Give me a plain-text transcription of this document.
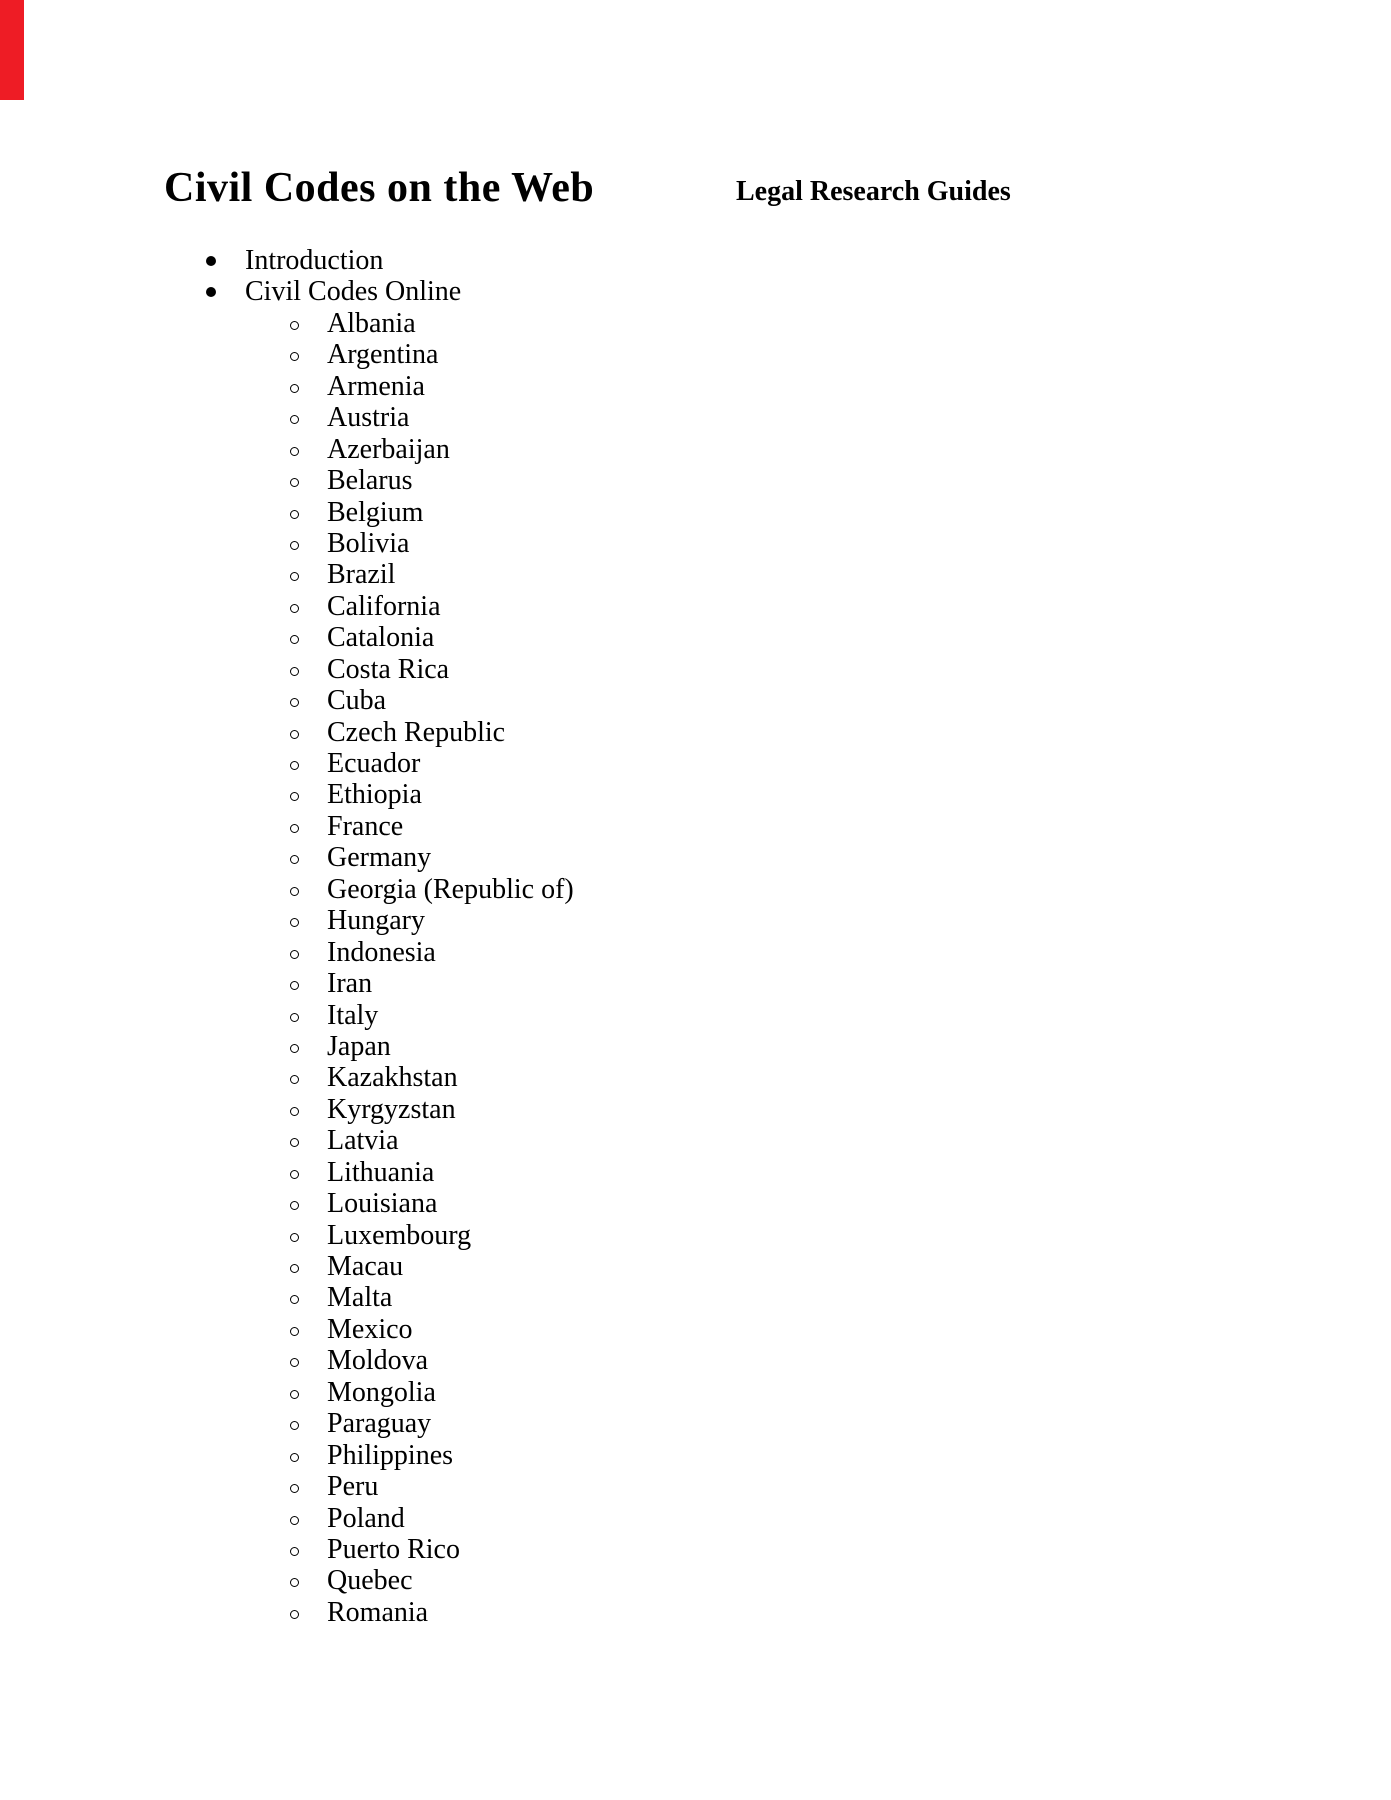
Civil Codes on the Web	Legal Research Guides
Introduction
Civil Codes Online
Albania
Argentina
Armenia
Austria
Azerbaijan
Belarus
Belgium
Bolivia
Brazil
California
Catalonia
Costa Rica
Cuba
Czech Republic
Ecuador
Ethiopia
France
Germany
Georgia (Republic of)
Hungary
Indonesia
Iran
Italy
Japan
Kazakhstan
Kyrgyzstan
Latvia
Lithuania
Louisiana
Luxembourg
Macau
Malta
Mexico
Moldova
Mongolia
Paraguay
Philippines
Peru
Poland
Puerto Rico
Quebec
Romania
